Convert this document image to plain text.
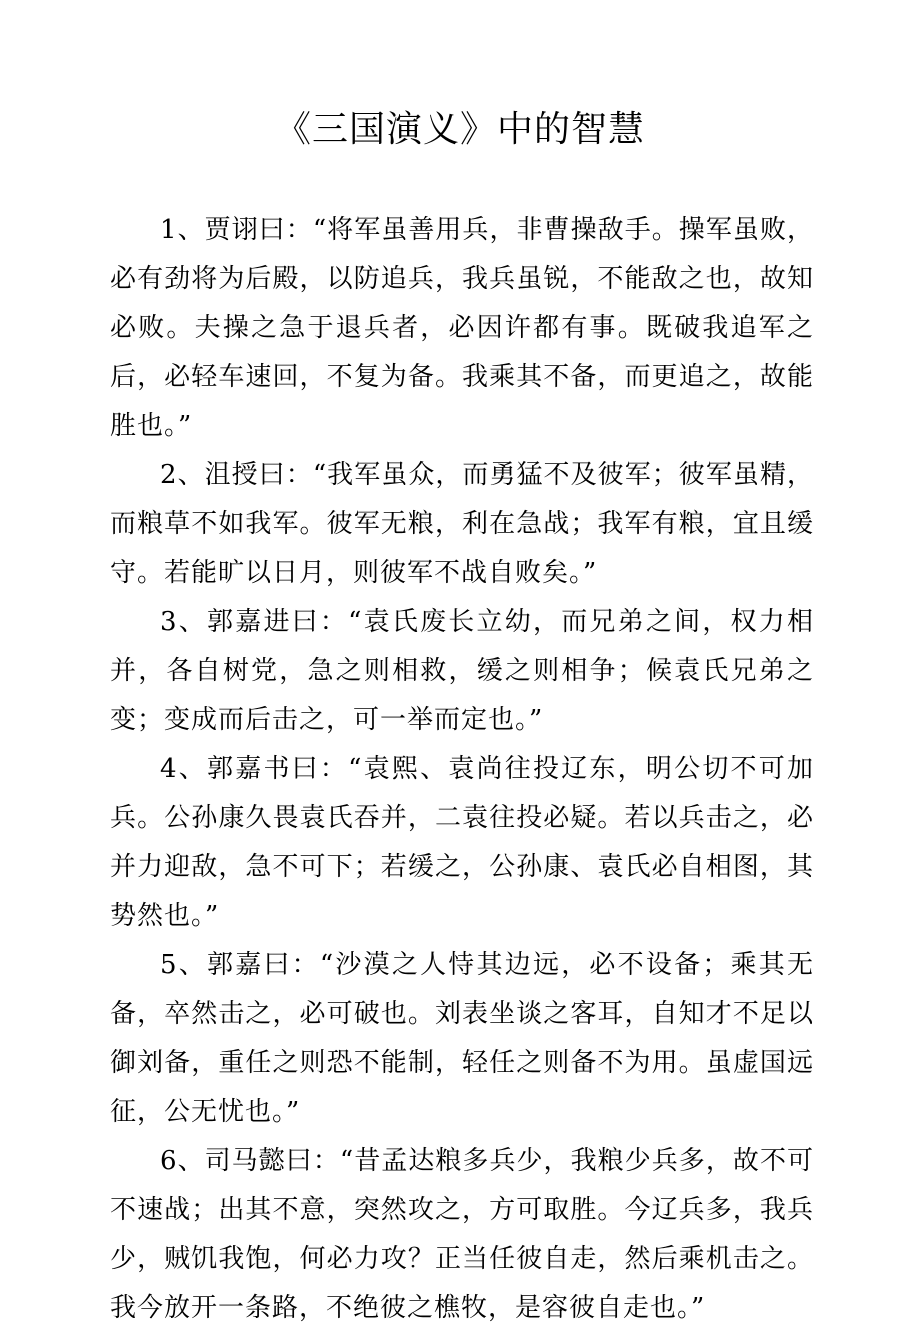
《三国演义》中的智慧

1、贾诩曰：“将军虽善用兵，非曹操敌手。操军虽败，必有劲将为后殿，以防追兵，我兵虽锐，不能敌之也，故知必败。夫操之急于退兵者，必因许都有事。既破我追军之后，必轻车速回，不复为备。我乘其不备，而更追之，故能胜也。”

2、沮授曰：“我军虽众，而勇猛不及彼军；彼军虽精，而粮草不如我军。彼军无粮，利在急战；我军有粮，宜且缓守。若能旷以日月，则彼军不战自败矣。”

3、郭嘉进曰：“袁氏废长立幼，而兄弟之间，权力相并，各自树党，急之则相救，缓之则相争；候袁氏兄弟之变；变成而后击之，可一举而定也。”

4、郭嘉书曰：“袁熙、袁尚往投辽东，明公切不可加兵。公孙康久畏袁氏吞并，二袁往投必疑。若以兵击之，必并力迎敌，急不可下；若缓之，公孙康、袁氏必自相图，其势然也。”

5、郭嘉曰：“沙漠之人恃其边远，必不设备；乘其无备，卒然击之，必可破也。刘表坐谈之客耳，自知才不足以御刘备，重任之则恐不能制，轻任之则备不为用。虽虚国远征，公无忧也。”

6、司马懿曰：“昔孟达粮多兵少，我粮少兵多，故不可不速战；出其不意，突然攻之，方可取胜。今辽兵多，我兵少，贼饥我饱，何必力攻？正当任彼自走，然后乘机击之。我今放开一条路，不绝彼之樵牧，是容彼自走也。”
